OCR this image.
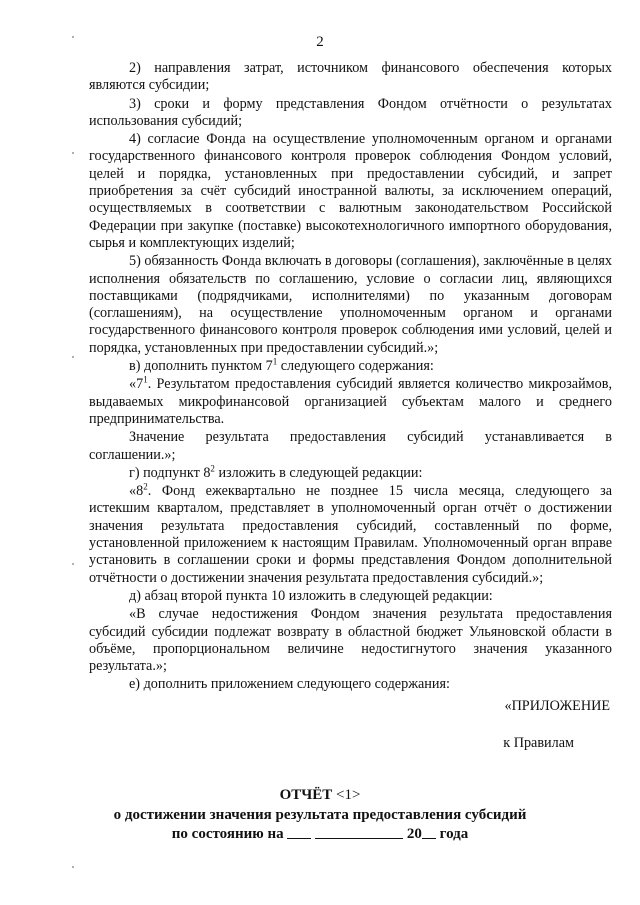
2

2) направления затрат, источником финансового обеспечения которых являются субсидии;

3) сроки и форму представления Фондом отчётности о результатах использования субсидий;

4) согласие Фонда на осуществление уполномоченным органом и органами государственного финансового контроля проверок соблюдения Фондом условий, целей и порядка, установленных при предоставлении субсидий, и запрет приобретения за счёт субсидий иностранной валюты, за исключением операций, осуществляемых в соответствии с валютным законодательством Российской Федерации при закупке (поставке) высокотехнологичного импортного оборудования, сырья и комплектующих изделий;

5) обязанность Фонда включать в договоры (соглашения), заключённые в целях исполнения обязательств по соглашению, условие о согласии лиц, являющихся поставщиками (подрядчиками, исполнителями) по указанным договорам (соглашениям), на осуществление уполномоченным органом и органами государственного финансового контроля проверок соблюдения ими условий, целей и порядка, установленных при предоставлении субсидий.»;

в) дополнить пунктом $7^1$ следующего содержания:

«$7^1$. Результатом предоставления субсидий является количество микрозаймов, выдаваемых микрофинансовой организацией субъектам малого и среднего предпринимательства.

Значение результата предоставления субсидий устанавливается в соглашении.»;

г) подпункт $8^2$ изложить в следующей редакции:

«$8^2$. Фонд ежеквартально не позднее 15 числа месяца, следующего за истекшим кварталом, представляет в уполномоченный орган отчёт о достижении значения результата предоставления субсидий, составленный по форме, установленной приложением к настоящим Правилам. Уполномоченный орган вправе установить в соглашении сроки и формы представления Фондом дополнительной отчётности о достижении значения результата предоставления субсидий.»;

д) абзац второй пункта 10 изложить в следующей редакции:

«В случае недостижения Фондом значения результата предоставления субсидий субсидии подлежат возврату в областной бюджет Ульяновской области в объёме, пропорциональном величине недостигнутого значения указанного результата.»;

е) дополнить приложением следующего содержания:

«ПРИЛОЖЕНИЕ

к Правилам

ОТЧЁТ <1>
о достижении значения результата предоставления субсидий
по состоянию на	20 года
